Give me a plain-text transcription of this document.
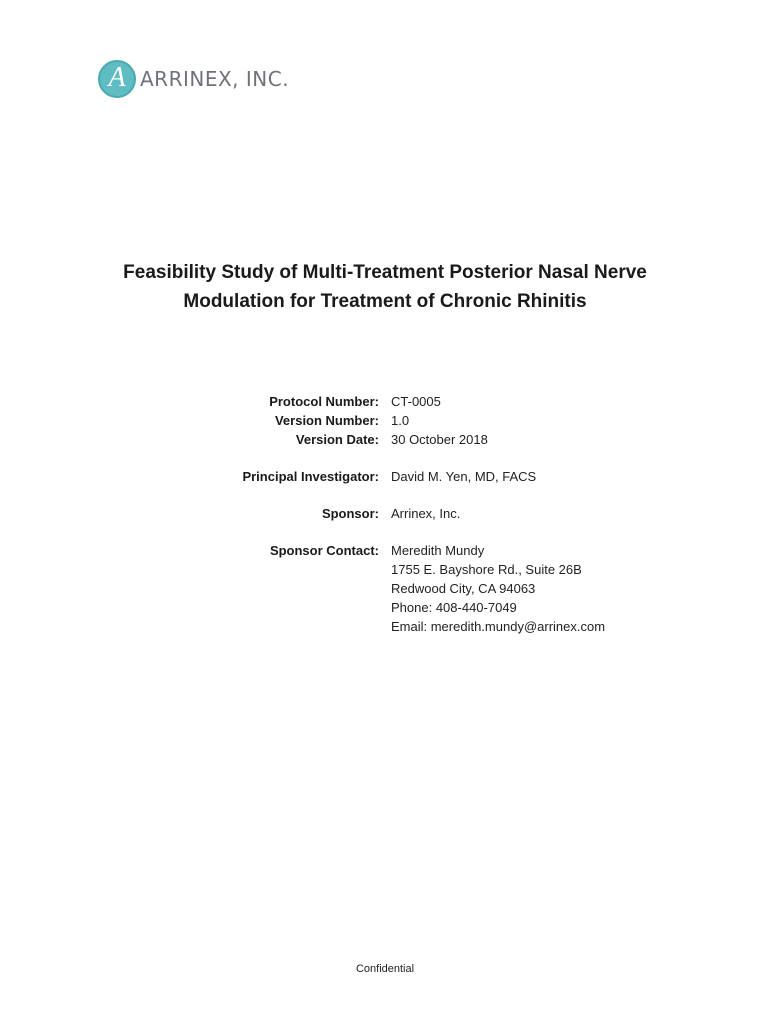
A ARRINEX, INC.
Feasibility Study of Multi-Treatment Posterior Nasal Nerve
Modulation for Treatment of Chronic Rhinitis
Protocol Number: CT-0005
Version Number: 1.0
Version Date: 30 October 2018
Principal Investigator: David M. Yen, MD, FACS
Sponsor: Arrinex, Inc.
Sponsor Contact: Meredith Mundy
1755 E. Bayshore Rd., Suite 26B
Redwood City, CA 94063
Phone: 408-440-7049
Email: meredith.mundy@arrinex.com
Confidential
